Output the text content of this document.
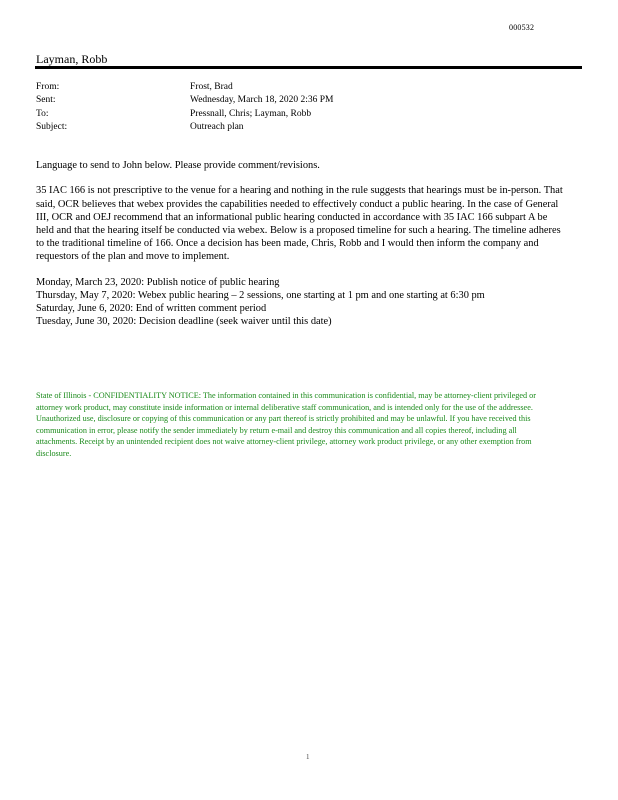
000532
Layman, Robb
From:	Frost, Brad
Sent:	Wednesday, March 18, 2020 2:36 PM
To:	Pressnall, Chris; Layman, Robb
Subject:	Outreach plan

Language to send to John below. Please provide comment/revisions.

35 IAC 166 is not prescriptive to the venue for a hearing and nothing in the rule suggests that hearings must be in-person. That said, OCR believes that webex provides the capabilities needed to effectively conduct a public hearing. In the case of General III, OCR and OEJ recommend that an informational public hearing conducted in accordance with 35 IAC 166 subpart A be held and that the hearing itself be conducted via webex. Below is a proposed timeline for such a hearing. The timeline adheres to the traditional timeline of 166. Once a decision has been made, Chris, Robb and I would then inform the company and requestors of the plan and move to implement.

Monday, March 23, 2020: Publish notice of public hearing
Thursday, May 7, 2020: Webex public hearing – 2 sessions, one starting at 1 pm and one starting at 6:30 pm
Saturday, June 6, 2020: End of written comment period
Tuesday, June 30, 2020: Decision deadline (seek waiver until this date)
State of Illinois - CONFIDENTIALITY NOTICE: The information contained in this communication is confidential, may be attorney-client privileged or attorney work product, may constitute inside information or internal deliberative staff communication, and is intended only for the use of the addressee. Unauthorized use, disclosure or copying of this communication or any part thereof is strictly prohibited and may be unlawful. If you have received this communication in error, please notify the sender immediately by return e-mail and destroy this communication and all copies thereof, including all attachments. Receipt by an unintended recipient does not waive attorney-client privilege, attorney work product privilege, or any other exemption from disclosure.
1
